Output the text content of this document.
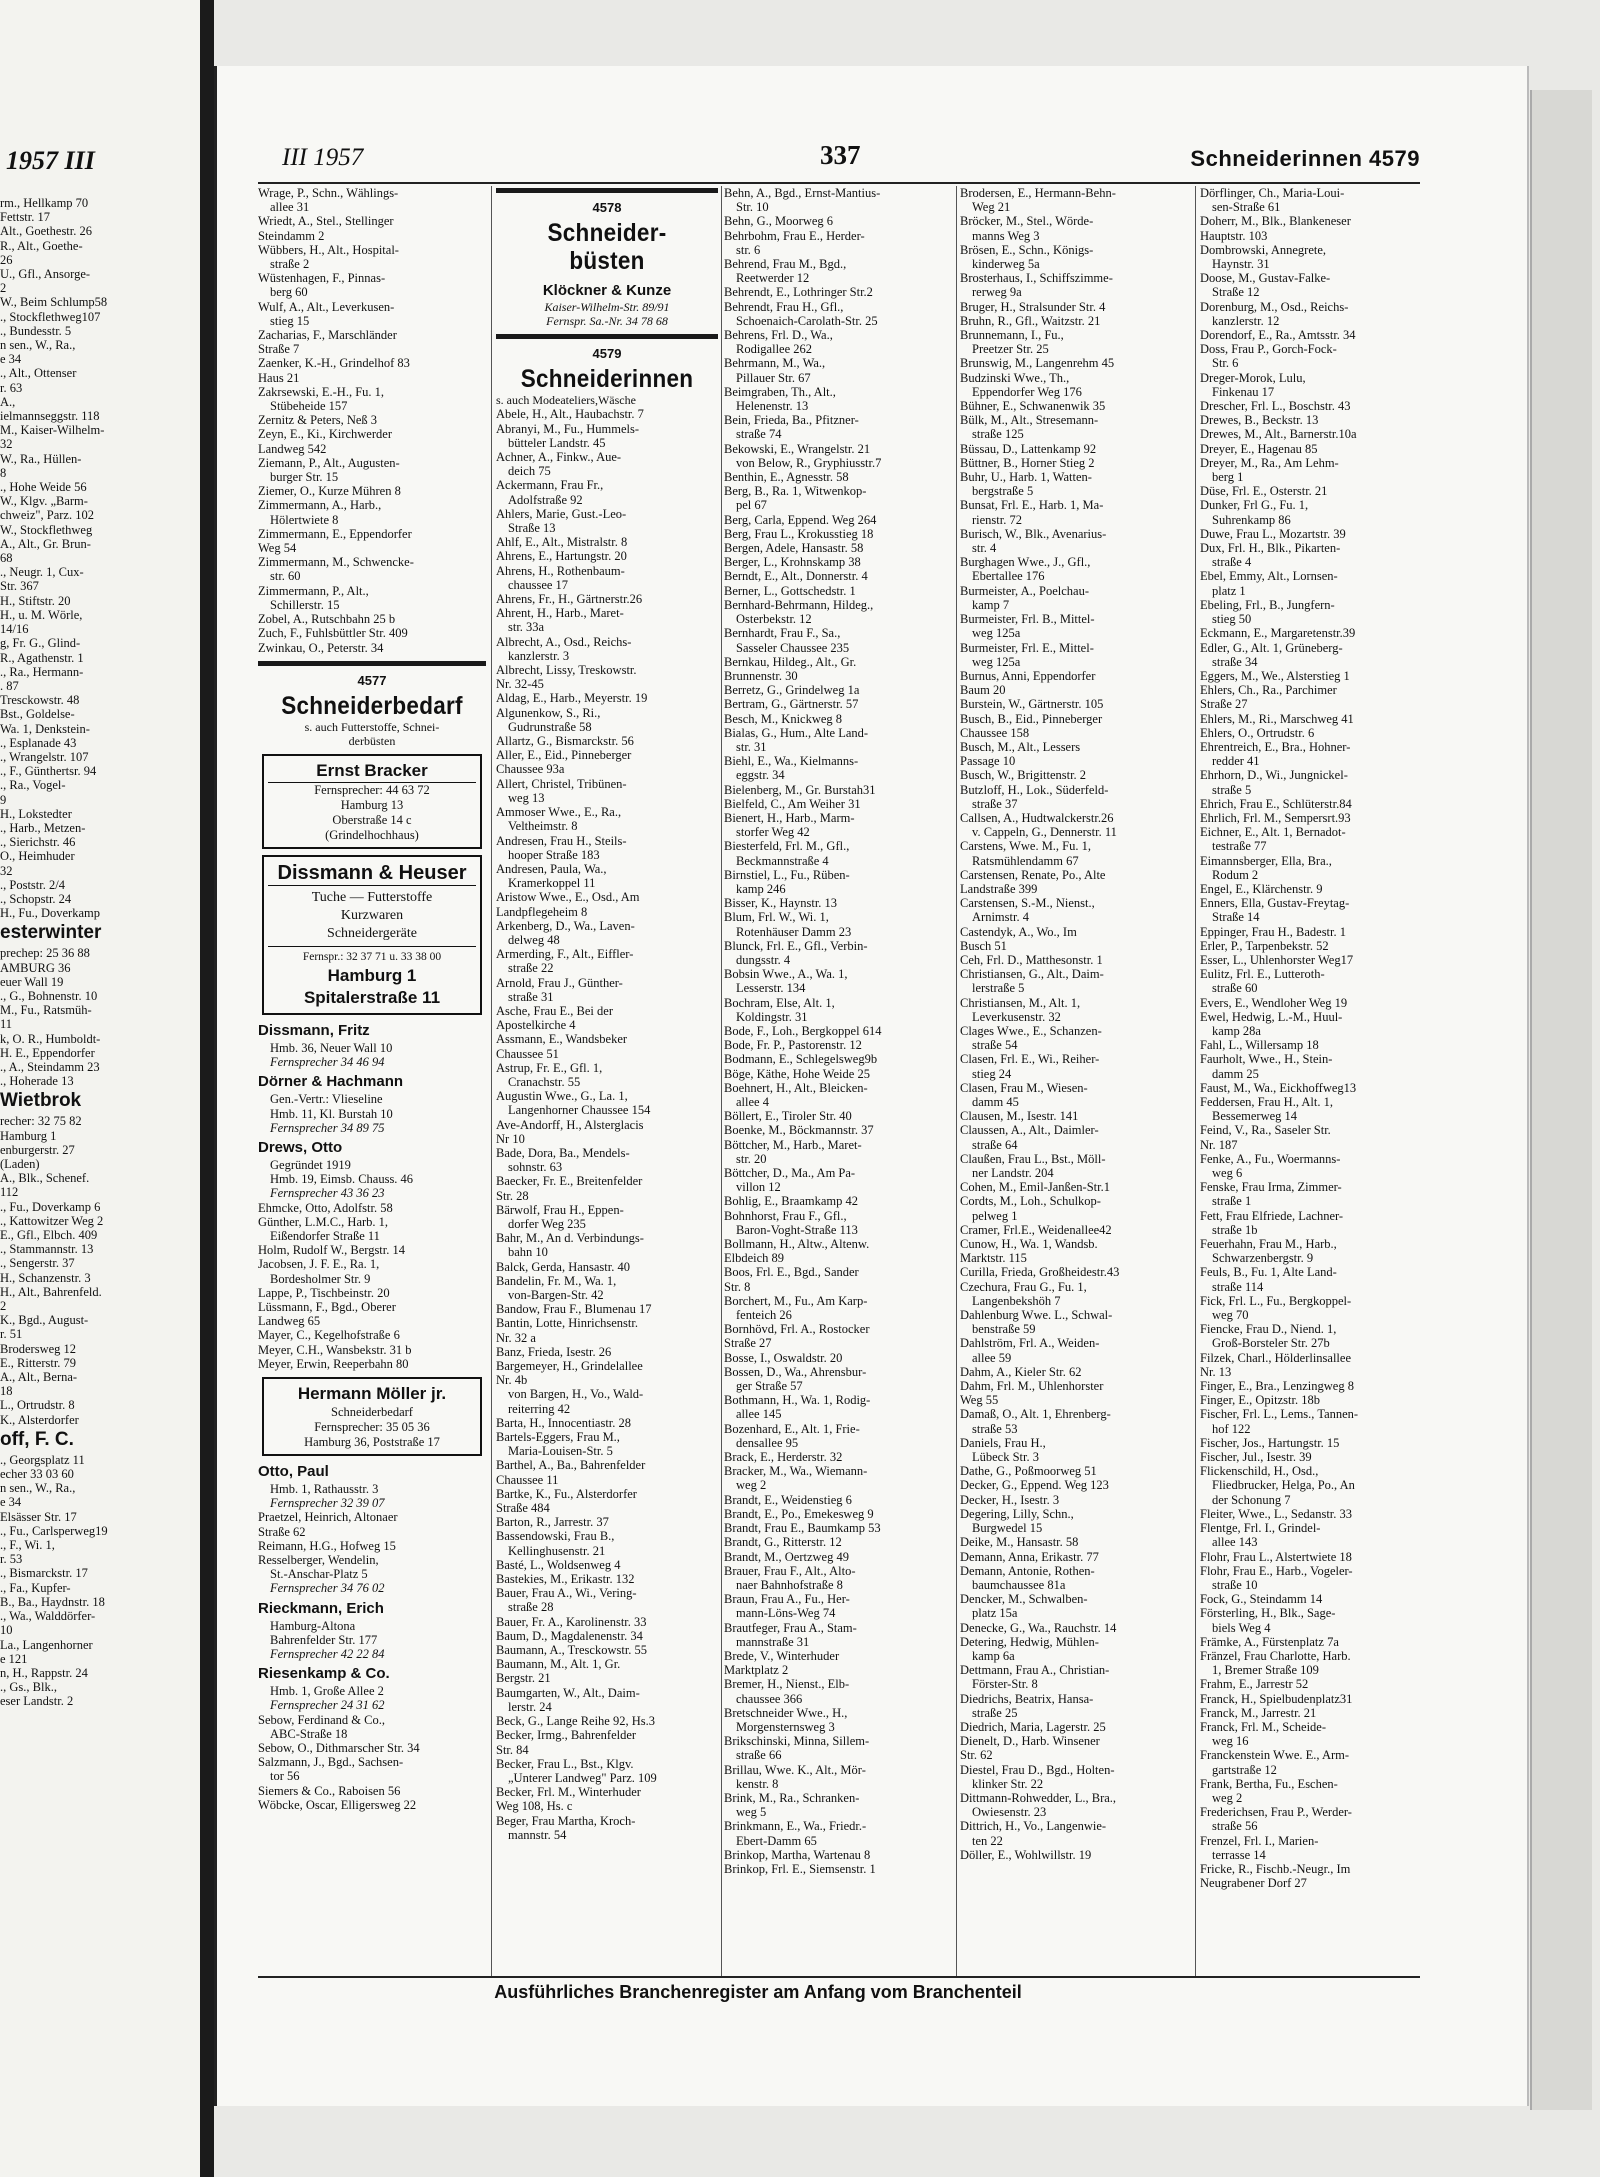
1957 III
rm., Hellkamp 70
Fettstr. 17
Alt., Goethestr. 26
R., Alt., Goethe-
26
U., Gfl., Ansorge-
2
W., Beim Schlump58
., Stockflethweg107
., Bundesstr. 5
n sen., W., Ra.,
e 34
., Alt., Ottenser
r. 63
A.,
ielmannseggstr. 118
M., Kaiser-Wilhelm-
32
W., Ra., Hüllen-
8
., Hohe Weide 56
W., Klgv. „Barm-
chweiz", Parz. 102
W., Stockflethweg
A., Alt., Gr. Brun-
68
., Neugr. 1, Cux-
Str. 367
H., Stiftstr. 20
H., u. M. Wörle,
14/16
g, Fr. G., Glind-
R., Agathenstr. 1
., Ra., Hermann-
. 87
Tresckowstr. 48
Bst., Goldelse-
Wa. 1, Denkstein-
., Esplanade 43
., Wrangelstr. 107
., F., Günthertsr. 94
., Ra., Vogel-
9
H., Lokstedter
., Harb., Metzen-
., Sierichstr. 46
O., Heimhuder
32
., Poststr. 2/4
., Schopstr. 24
H., Fu., Doverkamp
esterwinter
prechер: 25 36 88
AMBURG 36
euer Wall 19
., G., Bohnenstr. 10
M., Fu., Ratsmüh-
11
k, O. R., Humboldt-
H. E., Eppendorfer
., A., Steindamm 23
., Hoherade 13
Wietbrok
recher: 32 75 82
Hamburg 1
enburgerstr. 27
(Laden)
A., Blk., Schenef.
112
., Fu., Doverkamp 6
., Kattowitzer Weg 2
E., Gfl., Elbch. 409
., Stammannstr. 13
., Sengerstr. 37
H., Schanzenstr. 3
H., Alt., Bahrenfeld.
2
K., Bgd., August-
r. 51
Brodersweg 12
E., Ritterstr. 79
A., Alt., Berna-
18
L., Ortrudstr. 8
K., Alsterdorfer
off, F. C.
., Georgsplatz 11
echer 33 03 60
n sen., W., Ra.,
e 34
Elsässer Str. 17
., Fu., Carlsperweg19
., F., Wi. 1,
r. 53
., Bismarckstr. 17
., Fa., Kupfer-
B., Ba., Haydnstr. 18
., Wa., Walddörfer-
10
La., Langenhorner
e 121
n, H., Rappstr. 24
., Gs., Blk.,
eser Landstr. 2
III 1957	337	Schneiderinnen 4579
Wrage, P., Schn., Wählings-
allee 31
Wriedt, A., Stel., Stellinger
Steindamm 2
Wübbers, H., Alt., Hospital-
straße 2
Wüstenhagen, F., Pinnas-
berg 60
Wulf, A., Alt., Leverkusen-
stieg 15
Zacharias, F., Marschländer
Straße 7
Zaenker, K.-H., Grindelhof 83
Haus 21
Zakrsewski, E.-H., Fu. 1,
Stübeheide 157
Zernitz & Peters, Neß 3
Zeyn, E., Ki., Kirchwerder
Landweg 542
Ziemann, P., Alt., Augusten-
burger Str. 15
Ziemer, O., Kurze Mühren 8
Zimmermann, A., Harb.,
Hölertwiete 8
Zimmermann, E., Eppendorfer
Weg 54
Zimmermann, M., Schwencke-
str. 60
Zimmermann, P., Alt.,
Schillerstr. 15
Zobel, A., Rutschbahn 25 b
Zuch, F., Fuhlsbüttler Str. 409
Zwinkau, O., Peterstr. 34
4577
Schneiderbedarf
s. auch Futterstoffe, Schnei-
derbüsten
Ernst Bracker
Fernsprecher: 44 63 72
Hamburg 13
Oberstraße 14 c
(Grindelhochhaus)
Dissmann & Heuser
Tuche — Futterstoffe
Kurzwaren
Schneidergeräte
Fernspr.: 32 37 71 u. 33 38 00
Hamburg 1
Spitalerstraße 11
Dissmann, Fritz
Hmb. 36, Neuer Wall 10
Fernsprecher 34 46 94
Dörner & Hachmann
Gen.-Vertr.: Vlieseline
Hmb. 11, Kl. Burstah 10
Fernsprecher 34 89 75
Drews, Otto
Gegründet 1919
Hmb. 19, Eimsb. Chauss. 46
Fernsprecher 43 36 23
Ehmcke, Otto, Adolfstr. 58
Günther, L.M.C., Harb. 1,
Eißendorfer Straße 11
Holm, Rudolf W., Bergstr. 14
Jacobsen, J. F. E., Ra. 1,
Bordesholmer Str. 9
Lappe, P., Tischbeinstr. 20
Lüssmann, F., Bgd., Oberer
Landweg 65
Mayer, C., Kegelhofstraße 6
Meyer, C.H., Wansbekstr. 31 b
Meyer, Erwin, Reeperbahn 80
Hermann Möller jr.
Schneiderbedarf
Fernsprecher: 35 05 36
Hamburg 36, Poststraße 17
Otto, Paul
Hmb. 1, Rathausstr. 3
Fernsprecher 32 39 07
Praetzel, Heinrich, Altonaer
Straße 62
Reimann, H.G., Hofweg 15
Resselberger, Wendelin,
St.-Anschar-Platz 5
Fernsprecher 34 76 02
Rieckmann, Erich
Hamburg-Altona
Bahrenfelder Str. 177
Fernsprecher 42 22 84
Riesenkamp & Co.
Hmb. 1, Große Allee 2
Fernsprecher 24 31 62
Sebow, Ferdinand & Co.,
ABC-Straße 18
Sebow, O., Dithmarscher Str. 34
Salzmann, J., Bgd., Sachsen-
tor 56
Siemers & Co., Raboisen 56
Wöbcke, Oscar, Elligersweg 22
4578
Schneider-büsten
Klöckner & Kunze
Kaiser-Wilhelm-Str. 89/91
Fernspr. Sa.-Nr. 34 78 68
4579
Schneiderinnen
s. auch Modeateliers,Wäsche
Abele, H., Alt., Haubachstr. 7
Abranyi, M., Fu., Hummels-
bütteler Landstr. 45
Achner, A., Finkw., Aue-
deich 75
Ackermann, Frau Fr.,
Adolfstraße 92
Ahlers, Marie, Gust.-Leo-
Straße 13
Ahlf, E., Alt., Mistralstr. 8
Ahrens, E., Hartungstr. 20
Ahrens, H., Rothenbaum-
chaussee 17
Ahrens, Fr., H., Gärtnerstr.26
Ahrent, H., Harb., Maret-
str. 33a
Albrecht, A., Osd., Reichs-
kanzlerstr. 3
Albrecht, Lissy, Treskowstr.
Nr. 32-45
Aldag, E., Harb., Meyerstr. 19
Algunenkow, S., Ri.,
Gudrunstraße 58
Allartz, G., Bismarckstr. 56
Aller, E., Eid., Pinneberger
Chaussee 93a
Allert, Christel, Tribünen-
weg 13
Ammoser Wwe., E., Ra.,
Veltheimstr. 8
Andresen, Frau H., Steils-
hooper Straße 183
Andresen, Paula, Wa.,
Kramerkoppel 11
Aristow Wwe., E., Osd., Am
Landpflegeheim 8
Arkenberg, D., Wa., Laven-
delweg 48
Armerding, F., Alt., Eiffler-
straße 22
Arnold, Frau J., Günther-
straße 31
Asche, Frau E., Bei der
Apostelkirche 4
Assmann, E., Wandsbeker
Chaussee 51
Astrup, Fr. E., Gfl. 1,
Cranachstr. 55
Augustin Wwe., G., La. 1,
Langenhorner Chaussee 154
Ave-Andorff, H., Alsterglacis
Nr 10
Bade, Dora, Ba., Mendels-
sohnstr. 63
Baecker, Fr. E., Breitenfelder
Str. 28
Bärwolf, Frau H., Eppen-
dorfer Weg 235
Bahr, M., An d. Verbindungs-
bahn 10
Balck, Gerda, Hansastr. 40
Bandelin, Fr. M., Wa. 1,
von-Bargen-Str. 42
Bandow, Frau F., Blumenau 17
Bantin, Lotte, Hinrichsenstr.
Nr. 32 a
Banz, Frieda, Isestr. 26
Bargemeyer, H., Grindelallee
Nr. 4b
von Bargen, H., Vo., Wald-
reiterring 42
Barta, H., Innocentiastr. 28
Bartels-Eggers, Frau M.,
Maria-Louisen-Str. 5
Barthel, A., Ba., Bahrenfelder
Chaussee 11
Bartke, K., Fu., Alsterdorfer
Straße 484
Barton, R., Jarrestr. 37
Bassendowski, Frau B.,
Kellinghusenstr. 21
Basté, L., Woldsenweg 4
Bastekies, M., Erikastr. 132
Bauer, Frau A., Wi., Vering-
straße 28
Bauer, Fr. A., Karolinenstr. 33
Baum, D., Magdalenenstr. 34
Baumann, A., Tresckowstr. 55
Baumann, M., Alt. 1, Gr.
Bergstr. 21
Baumgarten, W., Alt., Daim-
lerstr. 24
Beck, G., Lange Reihe 92, Hs.3
Becker, Irmg., Bahrenfelder
Str. 84
Becker, Frau L., Bst., Klgv.
„Unterer Landweg" Parz. 109
Becker, Frl. M., Winterhuder
Weg 108, Hs. c
Beger, Frau Martha, Kroch-
mannstr. 54
Behn, A., Bgd., Ernst-Mantius-
Str. 10
Behn, G., Moorweg 6
Behrbohm, Frau E., Herder-
str. 6
Behrend, Frau M., Bgd.,
Reetwerder 12
Behrendt, E., Lothringer Str.2
Behrendt, Frau H., Gfl.,
Schoenaich-Carolath-Str. 25
Behrens, Frl. D., Wa.,
Rodigallee 262
Behrmann, M., Wa.,
Pillauer Str. 67
Beimgraben, Th., Alt.,
Helenenstr. 13
Bein, Frieda, Ba., Pfitzner-
straße 74
Bekowski, E., Wrangelstr. 21
von Below, R., Gryphiusstr.7
Benthin, E., Agnesstr. 58
Berg, B., Ra. 1, Witwenkop-
pel 67
Berg, Carla, Eppend. Weg 264
Berg, Frau L., Krokusstieg 18
Bergen, Adele, Hansastr. 58
Berger, L., Krohnskamp 38
Berndt, E., Alt., Donnerstr. 4
Berner, L., Gottschedstr. 1
Bernhard-Behrmann, Hildeg.,
Osterbekstr. 12
Bernhardt, Frau F., Sa.,
Sasseler Chaussee 235
Bernkau, Hildeg., Alt., Gr.
Brunnenstr. 30
Berretz, G., Grindelweg 1a
Bertram, G., Gärtnerstr. 57
Besch, M., Knickweg 8
Bialas, G., Hum., Alte Land-
str. 31
Biehl, E., Wa., Kielmanns-
eggstr. 34
Bielenberg, M., Gr. Burstah31
Bielfeld, C., Am Weiher 31
Bienert, H., Harb., Marm-
storfer Weg 42
Biesterfeld, Frl. M., Gfl.,
Beckmannstraße 4
Birnstiel, L., Fu., Rüben-
kamp 246
Bisser, K., Haynstr. 13
Blum, Frl. W., Wi. 1,
Rotenhäuser Damm 23
Blunck, Frl. E., Gfl., Verbin-
dungsstr. 4
Bobsin Wwe., A., Wa. 1,
Lesserstr. 134
Bochram, Else, Alt. 1,
Koldingstr. 31
Bode, F., Loh., Bergkoppel 614
Bode, Fr. P., Pastorenstr. 12
Bodmann, E., Schlegelsweg9b
Böge, Käthe, Hohe Weide 25
Boehnert, H., Alt., Bleicken-
allee 4
Böllert, E., Tiroler Str. 40
Boenke, M., Böckmannstr. 37
Böttcher, M., Harb., Maret-
str. 20
Böttcher, D., Ma., Am Pa-
villon 12
Bohlig, E., Braamkamp 42
Bohnhorst, Frau F., Gfl.,
Baron-Voght-Straße 113
Bollmann, H., Altw., Altenw.
Elbdeich 89
Boos, Frl. E., Bgd., Sander
Str. 8
Borchert, M., Fu., Am Karp-
fenteich 26
Bornhövd, Frl. A., Rostocker
Straße 27
Bosse, I., Oswaldstr. 20
Bossen, D., Wa., Ahrensbur-
ger Straße 57
Bothmann, H., Wa. 1, Rodig-
allee 145
Bozenhard, E., Alt. 1, Frie-
densallee 95
Brack, E., Herderstr. 32
Bracker, M., Wa., Wiemann-
weg 2
Brandt, E., Weidenstieg 6
Brandt, E., Po., Emekesweg 9
Brandt, Frau E., Baumkamp 53
Brandt, G., Ritterstr. 12
Brandt, M., Oertzweg 49
Brauer, Frau F., Alt., Alto-
naer Bahnhofstraße 8
Braun, Frau A., Fu., Her-
mann-Löns-Weg 74
Brautfeger, Frau A., Stam-
mannstraße 31
Brede, V., Winterhuder
Marktplatz 2
Bremer, H., Nienst., Elb-
chaussee 366
Bretschneider Wwe., H.,
Morgensternsweg 3
Brikschinski, Minna, Sillem-
straße 66
Brillau, Wwe. K., Alt., Mör-
kenstr. 8
Brink, M., Ra., Schranken-
weg 5
Brinkmann, E., Wa., Friedr.-
Ebert-Damm 65
Brinkop, Martha, Wartenau 8
Brinkop, Frl. E., Siemsenstr. 1
Brodersen, E., Hermann-Behn-
Weg 21
Bröcker, M., Stel., Wörde-
manns Weg 3
Brösen, E., Schn., Königs-
kinderweg 5a
Brosterhaus, I., Schiffszimme-
rerweg 9a
Bruger, H., Stralsunder Str. 4
Bruhn, R., Gfl., Waitzstr. 21
Brunnemann, I., Fu.,
Preetzer Str. 25
Brunswig, M., Langenrehm 45
Budzinski Wwe., Th.,
Eppendorfer Weg 176
Bühner, E., Schwanenwik 35
Bülk, M., Alt., Stresemann-
straße 125
Büssau, D., Lattenkamp 92
Büttner, B., Horner Stieg 2
Buhr, U., Harb. 1, Watten-
bergstraße 5
Bunsat, Frl. E., Harb. 1, Ma-
rienstr. 72
Burisch, W., Blk., Avenarius-
str. 4
Burghagen Wwe., J., Gfl.,
Ebertallee 176
Burmeister, A., Poelchau-
kamp 7
Burmeister, Frl. B., Mittel-
weg 125a
Burmeister, Frl. E., Mittel-
weg 125a
Burnus, Anni, Eppendorfer
Baum 20
Burstein, W., Gärtnerstr. 105
Busch, B., Eid., Pinneberger
Chaussee 158
Busch, M., Alt., Lessers
Passage 10
Busch, W., Brigittenstr. 2
Butzloff, H., Lok., Süderfeld-
straße 37
Callsen, A., Hudtwalckerstr.26
v. Cappeln, G., Dennerstr. 11
Carstens, Wwe. M., Fu. 1,
Ratsmühlendamm 67
Carstensen, Renate, Po., Alte
Landstraße 399
Carstensen, S.-M., Nienst.,
Arnimstr. 4
Castendyk, A., Wo., Im
Busch 51
Ceh, Frl. D., Matthesonstr. 1
Christiansen, G., Alt., Daim-
lerstraße 5
Christiansen, M., Alt. 1,
Leverkusenstr. 32
Clages Wwe., E., Schanzen-
straße 54
Clasen, Frl. E., Wi., Reiher-
stieg 24
Clasen, Frau M., Wiesen-
damm 45
Clausen, M., Isestr. 141
Claussen, A., Alt., Daimler-
straße 64
Claußen, Frau L., Bst., Möll-
ner Landstr. 204
Cohen, M., Emil-Janßen-Str.1
Cordts, M., Loh., Schulkop-
pelweg 1
Cramer, Frl.E., Weidenallee42
Cunow, H., Wa. 1, Wandsb.
Marktstr. 115
Curilla, Frieda, Großheidestr.43
Czechura, Frau G., Fu. 1,
Langenbekshöh 7
Dahlenburg Wwe. L., Schwal-
benstraße 59
Dahlström, Frl. A., Weiden-
allee 59
Dahm, A., Kieler Str. 62
Dahm, Frl. M., Uhlenhorster
Weg 55
Damaß, O., Alt. 1, Ehrenberg-
straße 53
Daniels, Frau H.,
Lübeck Str. 3
Dathe, G., Poßmoorweg 51
Decker, G., Eppend. Weg 123
Decker, H., Isestr. 3
Degering, Lilly, Schn.,
Burgwedel 15
Deike, M., Hansastr. 58
Demann, Anna, Erikastr. 77
Demann, Antonie, Rothen-
baumchaussee 81a
Dencker, M., Schwalben-
platz 15a
Denecke, G., Wa., Rauchstr. 14
Detering, Hedwig, Mühlen-
kamp 6a
Dettmann, Frau A., Christian-
Förster-Str. 8
Diedrichs, Beatrix, Hansa-
straße 25
Diedrich, Maria, Lagerstr. 25
Dienelt, D., Harb. Winsener
Str. 62
Diestel, Frau D., Bgd., Holten-
klinker Str. 22
Dittmann-Rohwedder, L., Bra.,
Owiesenstr. 23
Dittrich, H., Vo., Langenwie-
ten 22
Döller, E., Wohlwillstr. 19
Dörflinger, Ch., Maria-Loui-
sen-Straße 61
Doherr, M., Blk., Blankeneser
Hauptstr. 103
Dombrowski, Annegrete,
Haynstr. 31
Doose, M., Gustav-Falke-
Straße 12
Dorenburg, M., Osd., Reichs-
kanzlerstr. 12
Dorendorf, E., Ra., Amtsstr. 34
Doss, Frau P., Gorch-Fock-
Str. 6
Dreger-Morok, Lulu,
Finkenau 17
Drescher, Frl. L., Boschstr. 43
Drewes, B., Beckstr. 13
Drewes, M., Alt., Barnerstr.10a
Dreyer, E., Hagenau 85
Dreyer, M., Ra., Am Lehm-
berg 1
Düse, Frl. E., Osterstr. 21
Dunker, Frl G., Fu. 1,
Suhrenkamp 86
Duwe, Frau L., Mozartstr. 39
Dux, Frl. H., Blk., Pikarten-
straße 4
Ebel, Emmy, Alt., Lornsen-
platz 1
Ebeling, Frl., B., Jungfern-
stieg 50
Eckmann, E., Margaretenstr.39
Edler, G., Alt. 1, Grüneberg-
straße 34
Eggers, M., We., Alsterstieg 1
Ehlers, Ch., Ra., Parchimer
Straße 27
Ehlers, M., Ri., Marschweg 41
Ehlers, O., Ortrudstr. 6
Ehrentreich, E., Bra., Hohner-
redder 41
Ehrhorn, D., Wi., Jungnickel-
straße 5
Ehrich, Frau E., Schlüterstr.84
Ehrlich, Frl. M., Sempersrt.93
Eichner, E., Alt. 1, Bernadot-
testraße 77
Eimannsberger, Ella, Bra.,
Rodum 2
Engel, E., Klärchenstr. 9
Enners, Ella, Gustav-Freytag-
Straße 14
Eppinger, Frau H., Badestr. 1
Erler, P., Tarpenbekstr. 52
Esser, L., Uhlenhorster Weg17
Eulitz, Frl. E., Lutteroth-
straße 60
Evers, E., Wendloher Weg 19
Ewel, Hedwig, L.-M., Huul-
kamp 28a
Fahl, L., Willersamp 18
Faurholt, Wwe., H., Stein-
damm 25
Faust, M., Wa., Eickhoffweg13
Feddersen, Frau H., Alt. 1,
Bessemerweg 14
Feind, V., Ra., Saseler Str.
Nr. 187
Fenke, A., Fu., Woermanns-
weg 6
Fenske, Frau Irma, Zimmer-
straße 1
Fett, Frau Elfriede, Lachner-
straße 1b
Feuerhahn, Frau M., Harb.,
Schwarzenbergstr. 9
Feuls, B., Fu. 1, Alte Land-
straße 114
Fick, Frl. L., Fu., Bergkoppel-
weg 70
Fiencke, Frau D., Niend. 1,
Groß-Borsteler Str. 27b
Filzek, Charl., Hölderlinsallee
Nr. 13
Finger, E., Bra., Lenzingweg 8
Finger, E., Opitzstr. 18b
Fischer, Frl. L., Lems., Tannen-
hof 122
Fischer, Jos., Hartungstr. 15
Fischer, Jul., Isestr. 39
Flickenschild, H., Osd.,
Fliedbrucker, Helga, Po., An
der Schonung 7
Fleiter, Wwe., L., Sedanstr. 33
Flentge, Frl. I., Grindel-
allee 143
Flohr, Frau L., Alstertwiete 18
Flohr, Frau E., Harb., Vogeler-
straße 10
Fock, G., Steindamm 14
Försterling, H., Blk., Sage-
biels Weg 4
Främke, A., Fürstenplatz 7a
Fränzel, Frau Charlotte, Harb.
1, Bremer Straße 109
Frahm, E., Jarrestr 52
Franck, H., Spielbudenplatz31
Franck, M., Jarrestr. 21
Franck, Frl. M., Scheide-
weg 16
Franckenstein Wwe. E., Arm-
gartstraße 12
Frank, Bertha, Fu., Eschen-
weg 2
Frederichsen, Frau P., Werder-
straße 56
Frenzel, Frl. I., Marien-
terrasse 14
Fricke, R., Fischb.-Neugr., Im
Neugrabener Dorf 27
Ausführliches Branchenregister am Anfang vom Branchenteil
